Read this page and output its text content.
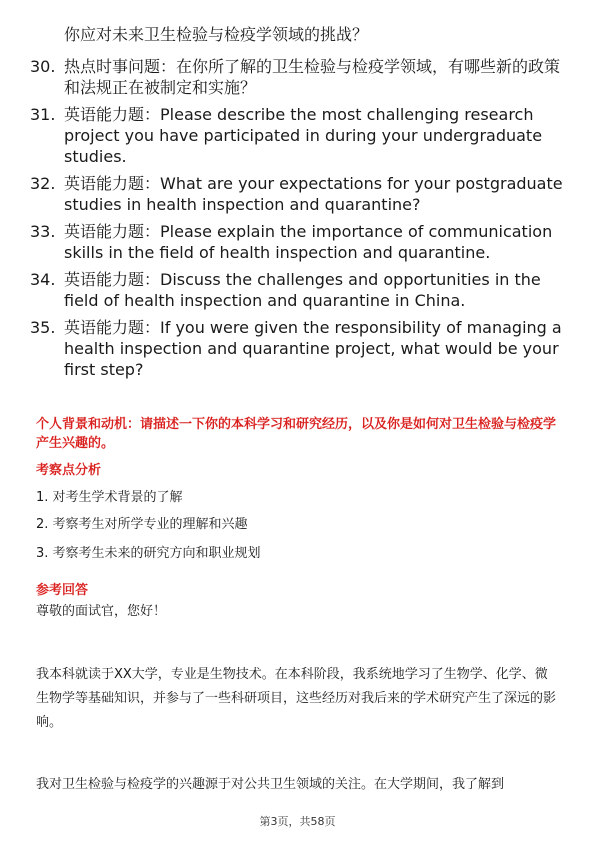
你应对未来卫生检验与检疫学领域的挑战？
30. 热点时事问题：在你所了解的卫生检验与检疫学领域，有哪些新的政策和法规正在被制定和实施？
31. 英语能力题：Please describe the most challenging research project you have participated in during your undergraduate studies.
32. 英语能力题：What are your expectations for your postgraduate studies in health inspection and quarantine?
33. 英语能力题：Please explain the importance of communication skills in the field of health inspection and quarantine.
34. 英语能力题：Discuss the challenges and opportunities in the field of health inspection and quarantine in China.
35. 英语能力题：If you were given the responsibility of managing a health inspection and quarantine project, what would be your first step?
个人背景和动机：请描述一下你的本科学习和研究经历，以及你是如何对卫生检验与检疫学产生兴趣的。
考察点分析
1. 对考生学术背景的了解
2. 考察考生对所学专业的理解和兴趣
3. 考察考生未来的研究方向和职业规划
参考回答
尊敬的面试官，您好！
我本科就读于XX大学，专业是生物技术。在本科阶段，我系统地学习了生物学、化学、微生物学等基础知识，并参与了一些科研项目，这些经历对我后来的学术研究产生了深远的影响。
我对卫生检验与检疫学的兴趣源于对公共卫生领域的关注。在大学期间，我了解到
第3页，共58页
